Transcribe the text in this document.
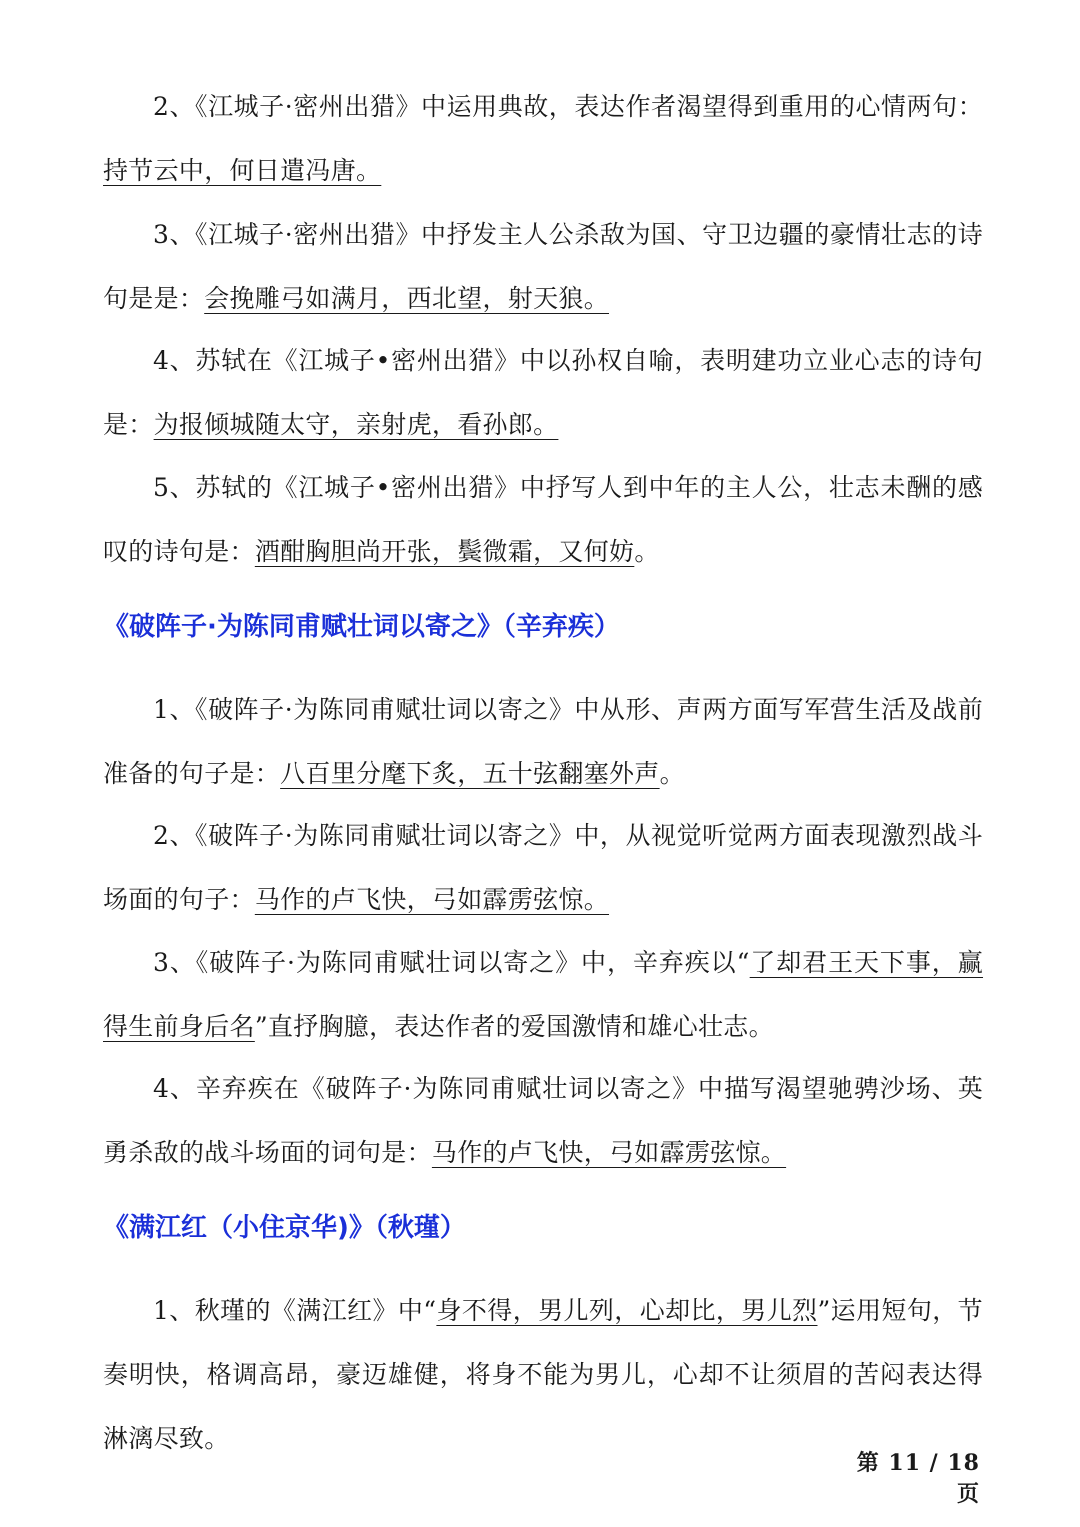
2、《江城子·密州出猎》中运用典故，表达作者渴望得到重用的心情两句：持节云中，何日遣冯唐。
3、《江城子·密州出猎》中抒发主人公杀敌为国、守卫边疆的豪情壮志的诗句是是：会挽雕弓如满月，西北望，射天狼。
4、苏轼在《江城子•密州出猎》中以孙权自喻，表明建功立业心志的诗句是：为报倾城随太守，亲射虎，看孙郎。
5、苏轼的《江城子•密州出猎》中抒写人到中年的主人公，壮志未酬的感叹的诗句是：酒酣胸胆尚开张，鬓微霜，又何妨。
《破阵子·为陈同甫赋壮词以寄之》（辛弃疾）
1、《破阵子·为陈同甫赋壮词以寄之》中从形、声两方面写军营生活及战前准备的句子是：八百里分麾下炙，五十弦翻塞外声。
2、《破阵子·为陈同甫赋壮词以寄之》中，从视觉听觉两方面表现激烈战斗场面的句子：马作的卢飞快，弓如霹雳弦惊。
3、《破阵子·为陈同甫赋壮词以寄之》中，辛弃疾以“了却君王天下事，赢得生前身后名”直抒胸臆，表达作者的爱国激情和雄心壮志。
4、辛弃疾在《破阵子·为陈同甫赋壮词以寄之》中描写渴望驰骋沙场、英勇杀敌的战斗场面的词句是：马作的卢飞快，弓如霹雳弦惊。
《满江红（小住京华)》（秋瑾）
1、秋瑾的《满江红》中“身不得，男儿列，心却比，男儿烈”运用短句，节奏明快，格调高昂，豪迈雄健，将身不能为男儿，心却不让须眉的苦闷表达得淋漓尽致。
第 11 / 18 页
